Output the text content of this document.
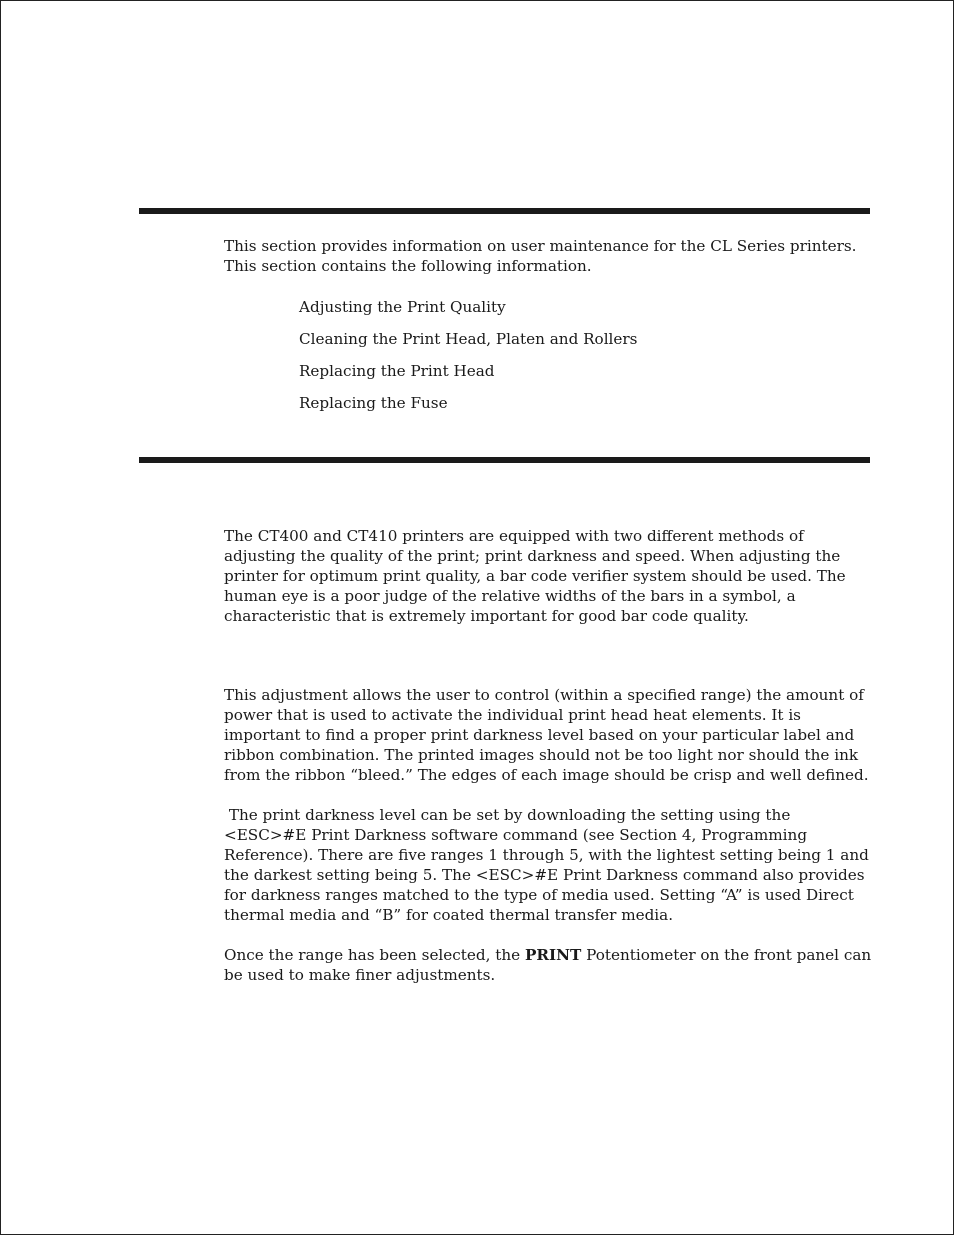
This section provides information on user maintenance for the CL Series printers. This section contains the following information.

Adjusting the Print Quality
Cleaning the Print Head, Platen and Rollers
Replacing the Print Head
Replacing the Fuse

The CT400 and CT410 printers are equipped with two different methods of adjusting the quality of the print; print darkness and speed. When adjusting the printer for optimum print quality, a bar code verifier system should be used. The human eye is a poor judge of the relative widths of the bars in a symbol, a characteristic that is extremely important for good bar code quality.

This adjustment allows the user to control (within a specified range) the amount of power that is used to activate the individual print head heat elements. It is important to find a proper print darkness level based on your particular label and ribbon combination. The printed images should not be too light nor should the ink from the ribbon “bleed.” The edges of each image should be crisp and well defined.

The print darkness level can be set by downloading the setting using the <ESC>#E Print Darkness software command (see Section 4, Programming Reference). There are five ranges 1 through 5, with the lightest setting being 1 and the darkest setting being 5. The <ESC>#E Print Darkness command also provides for darkness ranges matched to the type of media used. Setting “A” is used Direct thermal media and “B” for coated thermal transfer media.

Once the range has been selected, the PRINT Potentiometer on the front panel can be used to make finer adjustments.
